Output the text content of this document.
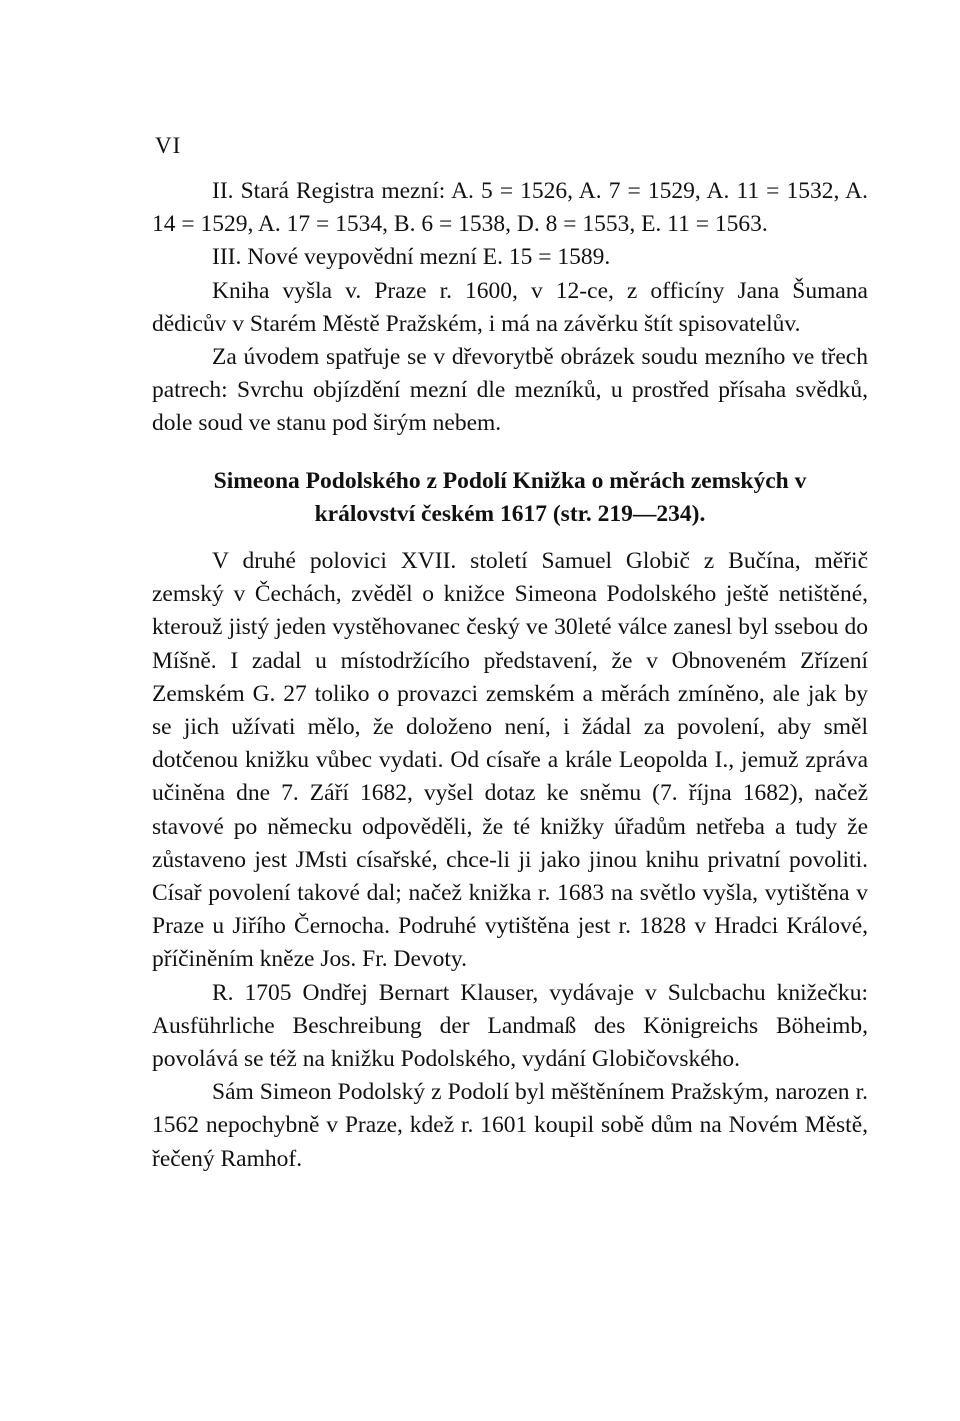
VI

II. Stará Registra mezní: A. 5 = 1526, A. 7 = 1529, A. 11 = 1532, A. 14 = 1529, A. 17 = 1534, B. 6 = 1538, D. 8 = 1553, E. 11 = 1563.

III. Nové veypovědní mezní E. 15 = 1589.

Kniha vyšla v. Praze r. 1600, v 12-ce, z officíny Jana Šumana dědicův v Starém Městě Pražském, i má na závěrku štít spisovatelův.

Za úvodem spatřuje se v dřevorytbě obrázek soudu mezního ve třech patrech: Svrchu objízdění mezní dle mezníků, u prostřed přísaha svědků, dole soud ve stanu pod širým nebem.

Simeona Podolského z Podolí Knižka o měrách zemských v
království českém 1617 (str. 219—234).

V druhé polovici XVII. století Samuel Globič z Bučína, měřič zemský v Čechách, zvěděl o knižce Simeona Podolského ještě netištěné, kterouž jistý jeden vystěhovanec český ve 30leté válce zanesl byl ssebou do Míšně. I zadal u místodržícího představení, že v Obnoveném Zřízení Zemském G. 27 toliko o provazci zemském a měrách zmíněno, ale jak by se jich užívati mělo, že doloženo není, i žádal za povolení, aby směl dotčenou knižku vůbec vydati. Od císaře a krále Leopolda I., jemuž zpráva učiněna dne 7. Září 1682, vyšel dotaz ke sněmu (7. října 1682), načež stavové po německu odpověděli, že té knižky úřadům netřeba a tudy že zůstaveno jest JMsti císařské, chce-li ji jako jinou knihu privatní povoliti. Císař povolení takové dal; načež knižka r. 1683 na světlo vyšla, vytištěna v Praze u Jiřího Černocha. Podruhé vytištěna jest r. 1828 v Hradci Králové, příčiněním kněze Jos. Fr. Devoty.

R. 1705 Ondřej Bernart Klauser, vydávaje v Sulcbachu knižečku: Ausführliche Beschreibung der Landmaß des Königreichs Böheimb, povolává se též na knižku Podolského, vydání Globičovského.

Sám Simeon Podolský z Podolí byl měštěnínem Pražským, narozen r. 1562 nepochybně v Praze, kdež r. 1601 koupil sobě dům na Novém Městě, řečený Ramhof.
